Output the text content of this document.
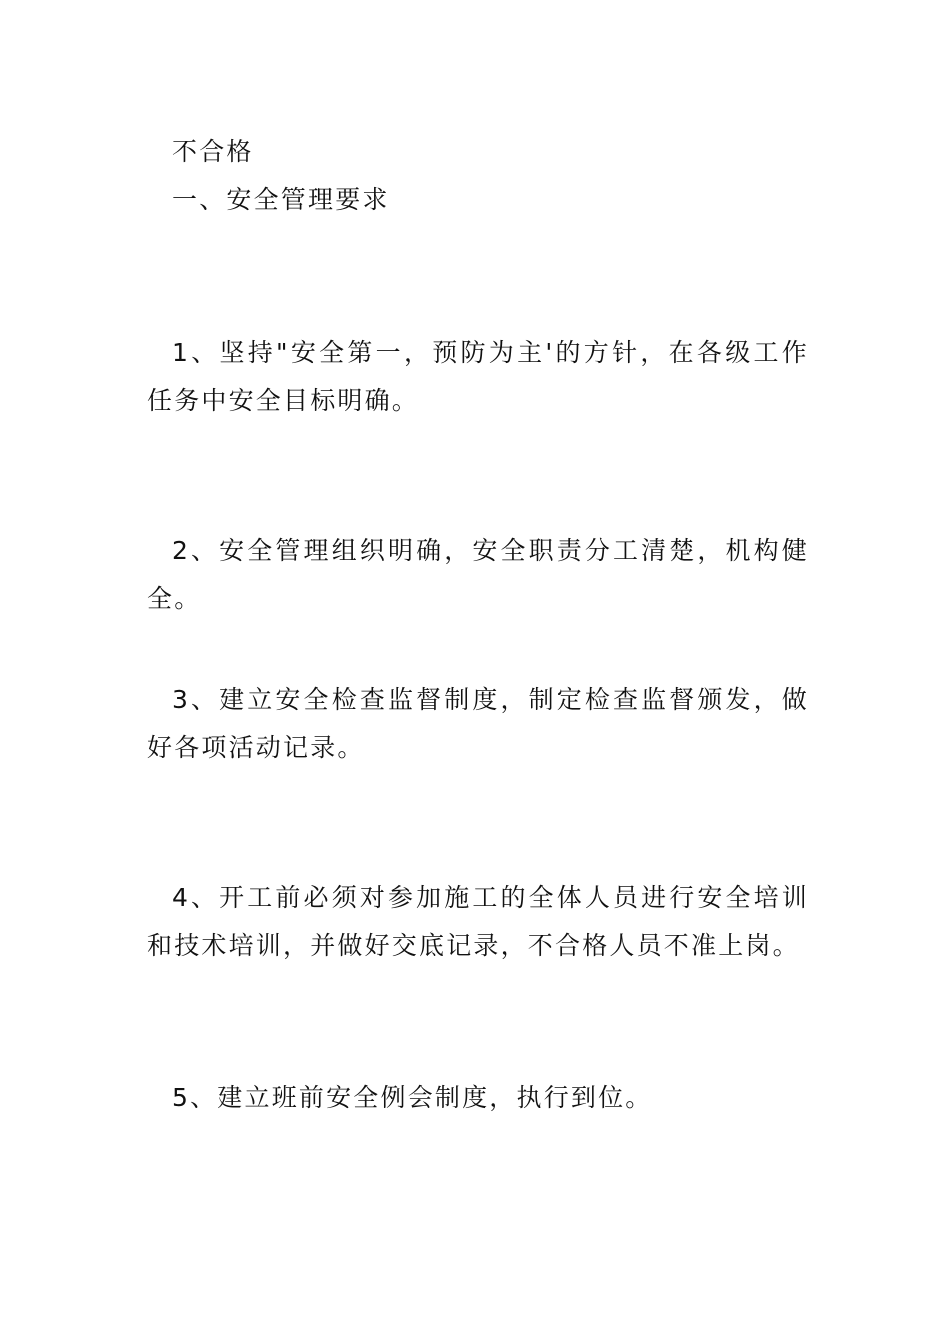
不合格

一、安全管理要求

1、坚持"安全第一，预防为主'的方针，在各级工作任务中安全目标明确。

2、安全管理组织明确，安全职责分工清楚，机构健全。

3、建立安全检查监督制度，制定检查监督颁发，做好各项活动记录。

4、开工前必须对参加施工的全体人员进行安全培训和技术培训，并做好交底记录，不合格人员不准上岗。

5、建立班前安全例会制度，执行到位。
